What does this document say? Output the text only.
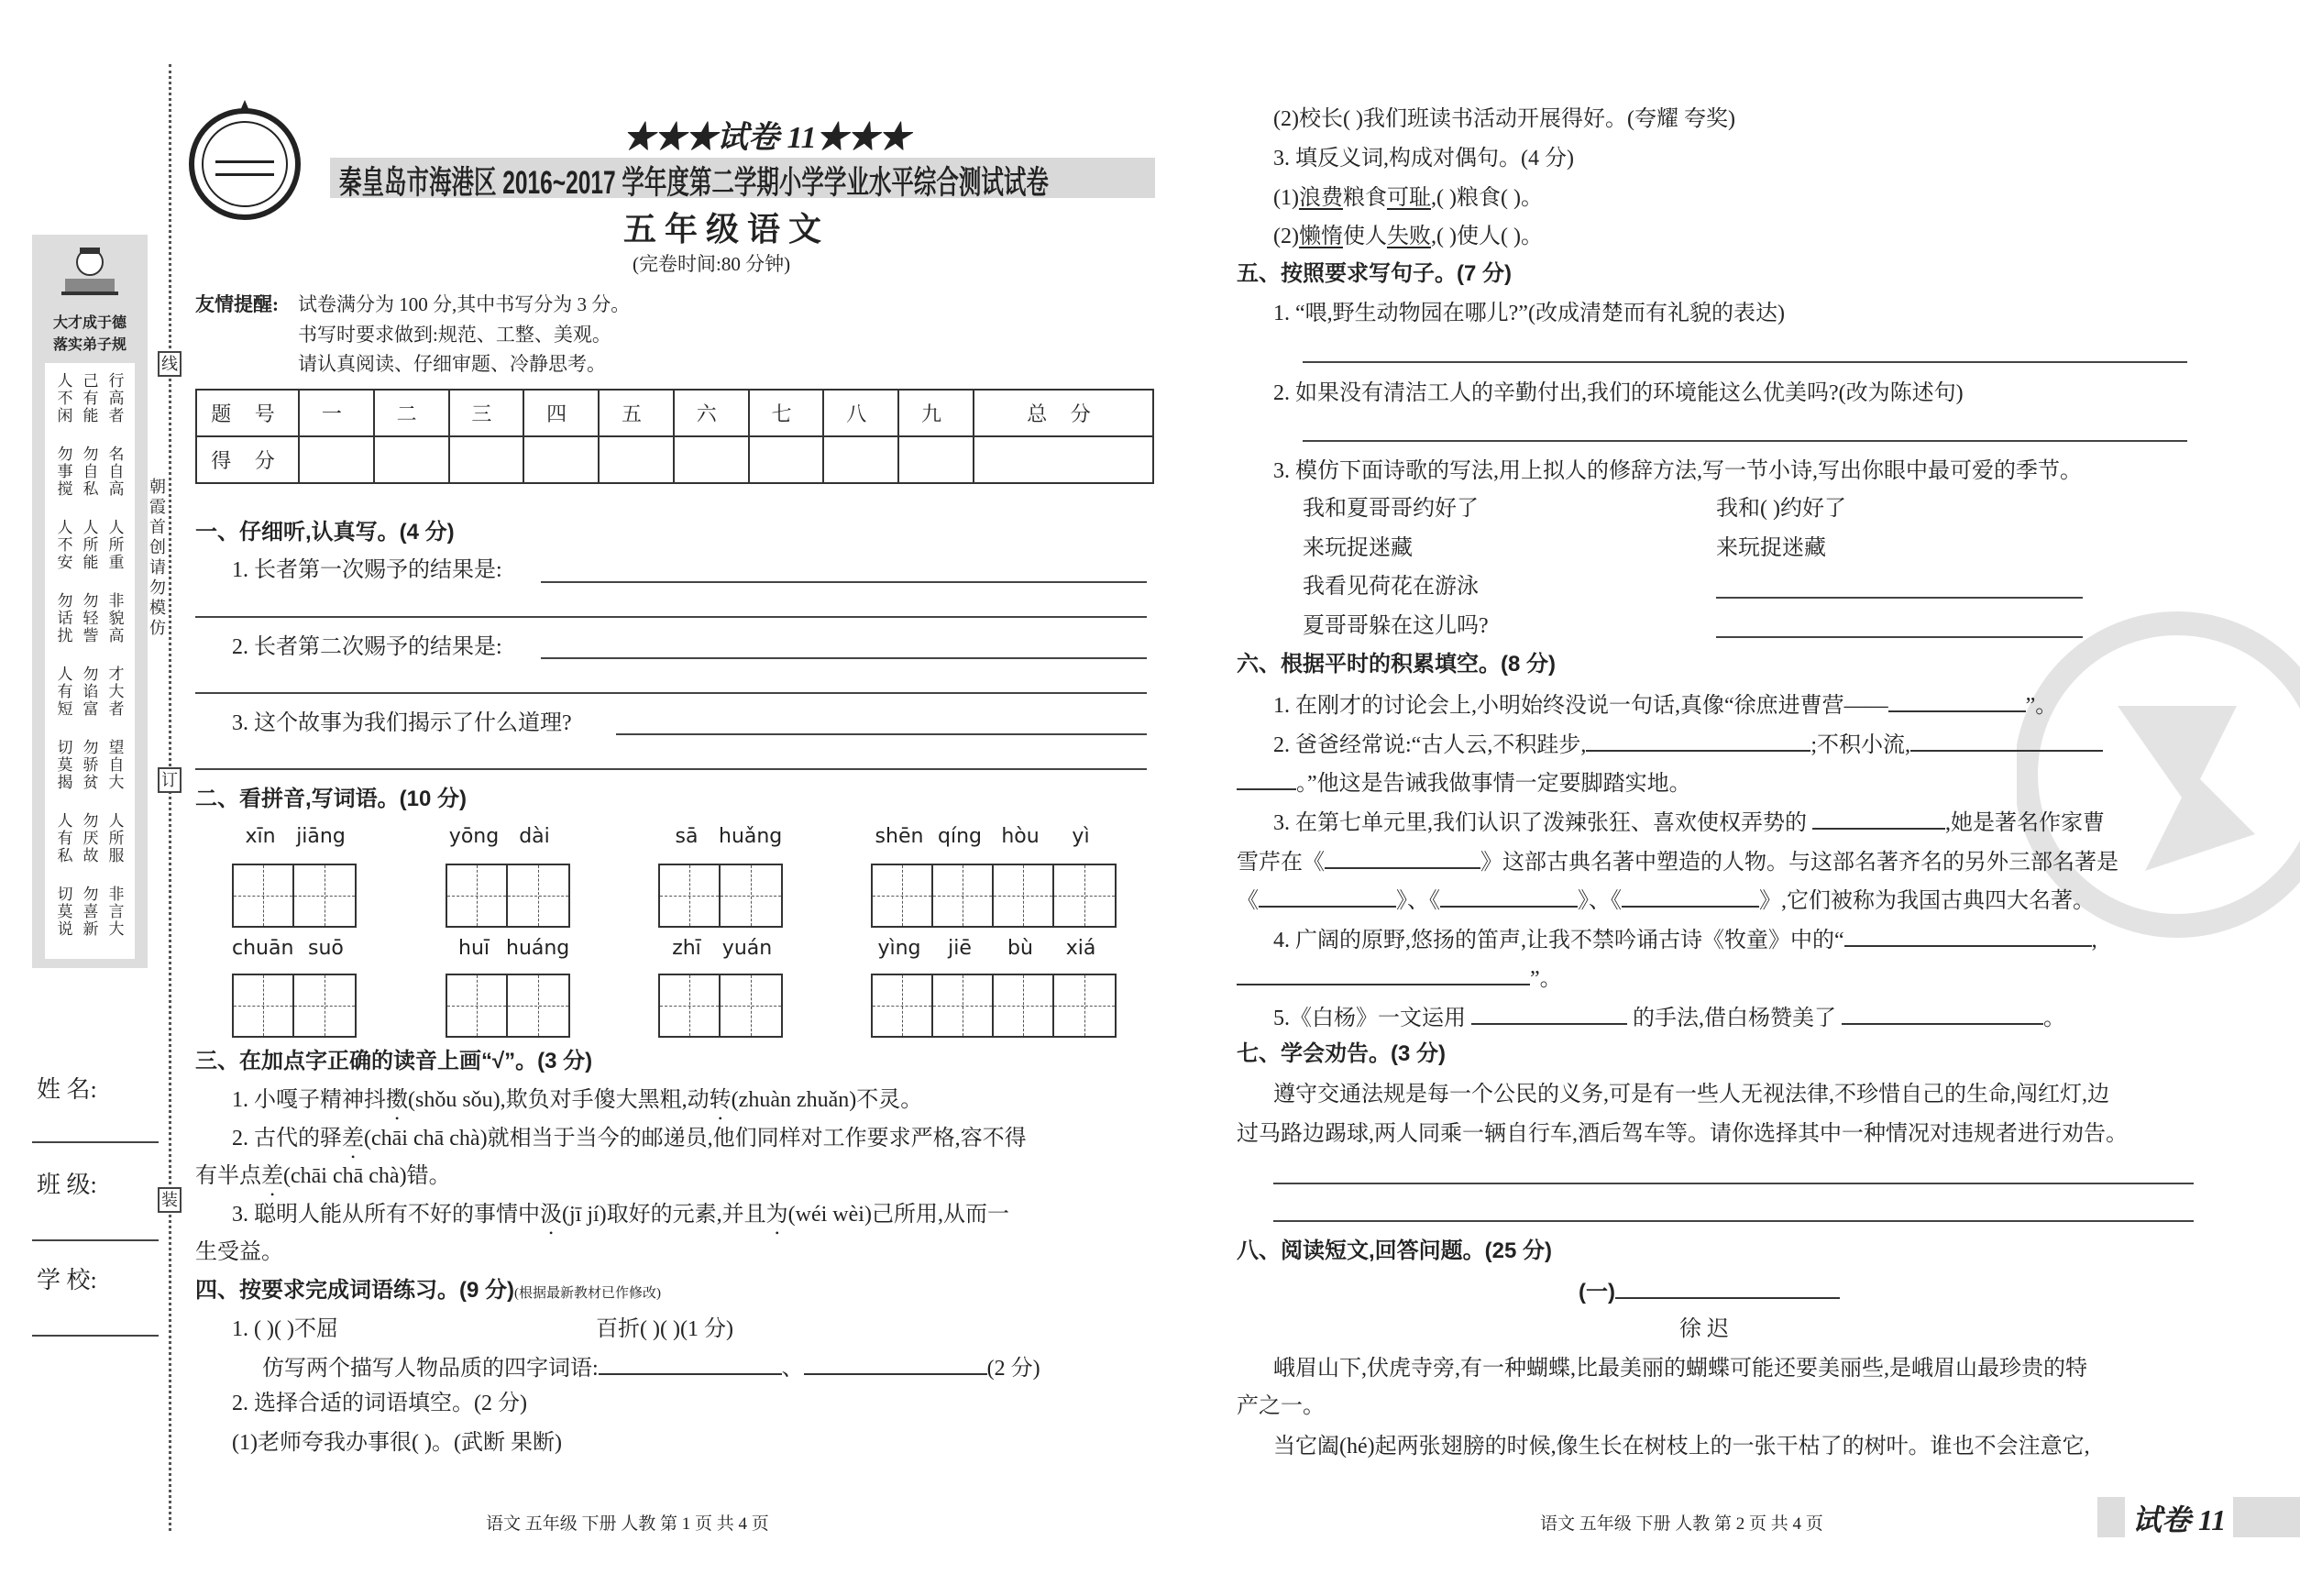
线
订
装
朝霞首创 请勿模仿
大才成于德
落实弟子规
人不闲
己有能
行高者
勿事搅
勿自私
名自高
人不安
人所能
人所重
勿话扰
勿轻訾
非貌高
人有短
勿谄富
才大者
切莫揭
勿骄贫
望自大
人有私
勿厌故
人所服
切莫说
勿喜新
非言大
姓 名:
班 级:
学 校:
★★★试卷 11★★★
秦皇岛市海港区 2016~2017 学年度第二学期小学学业水平综合测试试卷
五 年 级 语 文
(完卷时间:80 分钟)
友情提醒: 试卷满分为 100 分,其中书写分为 3 分。
书写时要求做到:规范、工整、美观。
请认真阅读、仔细审题、冷静思考。
题 号	一	二	三	四	五	六	七	八	九	总 分
得 分										
一、仔细听,认真写。(4 分)
1. 长者第一次赐予的结果是:
2. 长者第二次赐予的结果是:
3. 这个故事为我们揭示了什么道理?
二、看拼音,写词语。(10 分)
xīn	jiāng	yōng	dài	sā	huǎng	shēn qíng hòu	yì
chuān suō	huī huáng	zhī	yuán	yìng	jiē	bù	xiá
三、在加点字正确的读音上画“√”。(3 分)
1. 小嘎子精神抖擞(shǒu sǒu),欺负对手傻大黑粗,动转(zhuàn zhuǎn)不灵。
2. 古代的驿差(chāi chā chà)就相当于当今的邮递员,他们同样对工作要求严格,容不得
有半点差(chāi chā chà)错。
3. 聪明人能从所有不好的事情中汲(jī jí)取好的元素,并且为(wéi wèi)己所用,从而一
生受益。
四、按要求完成词语练习。(9 分)(根据最新教材已作修改)
1. ( )( )不屈	百折( )( )(1 分)
仿写两个描写人物品质的四字词语:	、	(2 分)
2. 选择合适的词语填空。(2 分)
(1)老师夸我办事很( )。(武断 果断)
语文 五年级 下册 人教 第 1 页 共 4 页
(2)校长( )我们班读书活动开展得好。(夸耀 夸奖)
3. 填反义词,构成对偶句。(4 分)
(1)浪费粮食可耻,( )粮食( )。
(2)懒惰使人失败,( )使人( )。
五、按照要求写句子。(7 分)
1. “喂,野生动物园在哪儿?”(改成清楚而有礼貌的表达)
2. 如果没有清洁工人的辛勤付出,我们的环境能这么优美吗?(改为陈述句)
3. 模仿下面诗歌的写法,用上拟人的修辞方法,写一节小诗,写出你眼中最可爱的季节。
我和夏哥哥约好了
来玩捉迷藏
我看见荷花在游泳
夏哥哥躲在这儿吗?
我和( )约好了
来玩捉迷藏
六、根据平时的积累填空。(8 分)
1. 在刚才的讨论会上,小明始终没说一句话,真像“徐庶进曹营——	”。
2. 爸爸经常说:“古人云,不积跬步,	;不积小流,
。”他这是告诫我做事情一定要脚踏实地。
3. 在第七单元里,我们认识了泼辣张狂、喜欢使权弄势的	,她是著名作家曹
雪芹在《	》这部古典名著中塑造的人物。与这部名著齐名的另外三部名著是
《	》、《	》、《	》,它们被称为我国古典四大名著。
4. 广阔的原野,悠扬的笛声,让我不禁吟诵古诗《牧童》中的“	,
”。
5.《白杨》一文运用	的手法,借白杨赞美了	。
七、学会劝告。(3 分)
遵守交通法规是每一个公民的义务,可是有一些人无视法律,不珍惜自己的生命,闯红灯,边
过马路边踢球,两人同乘一辆自行车,酒后驾车等。请你选择其中一种情况对违规者进行劝告。
八、阅读短文,回答问题。(25 分)
(一)
徐 迟
峨眉山下,伏虎寺旁,有一种蝴蝶,比最美丽的蝴蝶可能还要美丽些,是峨眉山最珍贵的特
产之一。
当它阖(hé)起两张翅膀的时候,像生长在树枝上的一张干枯了的树叶。谁也不会注意它,
语文 五年级 下册 人教 第 2 页 共 4 页	试卷 11
